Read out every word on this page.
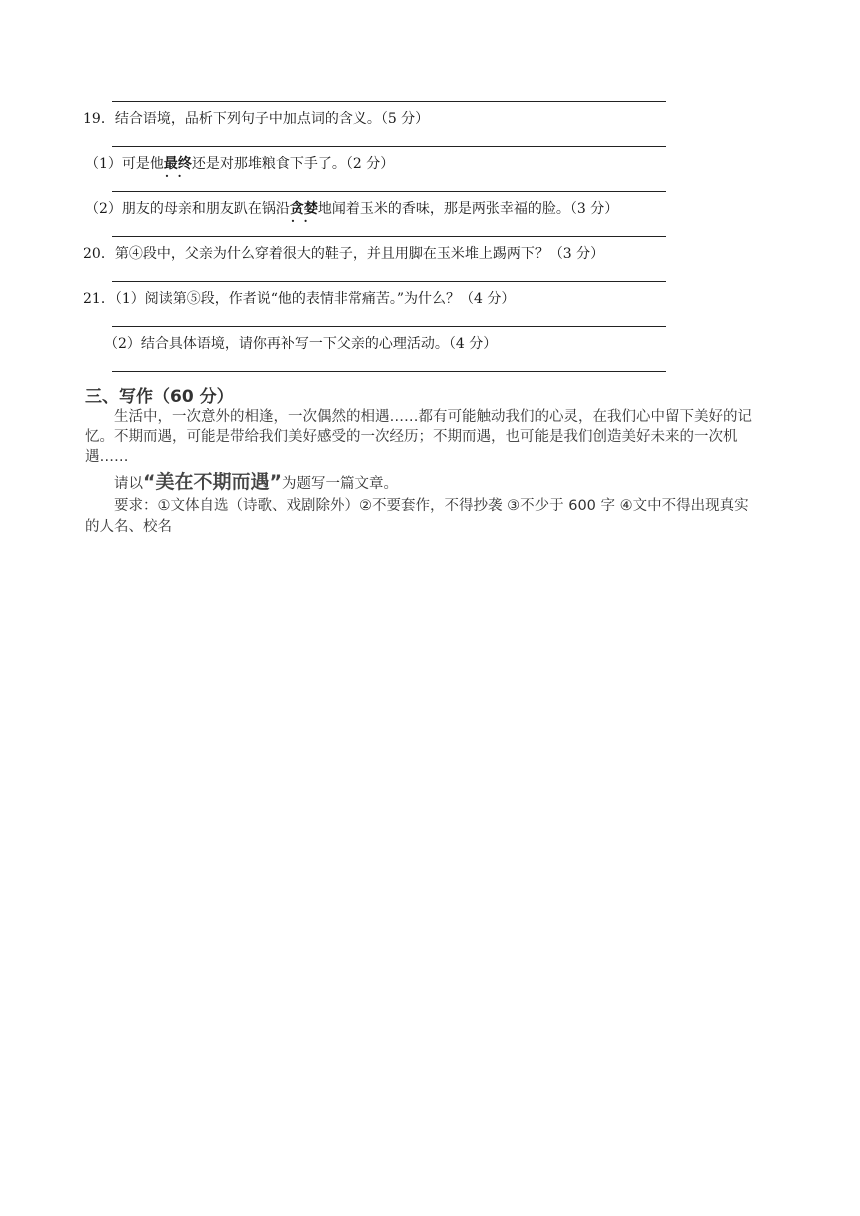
19．结合语境，品析下列句子中加点词的含义。（5 分）
（1）可是他最终 · ·还是对那堆粮食下手了。（2 分）
（2）朋友的母亲和朋友趴在锅沿贪婪 · ·地闻着玉米的香味，那是两张幸福的脸。（3 分）
20．第④段中，父亲为什么穿着很大的鞋子，并且用脚在玉米堆上踢两下？（3 分）
21．（1）阅读第⑤段，作者说“他的表情非常痛苦。”为什么？（4 分）
（2）结合具体语境，请你再补写一下父亲的心理活动。（4 分）
三、写作（60 分）
生活中，一次意外的相逢，一次偶然的相遇……都有可能触动我们的心灵，在我们心中留下美好的记忆。不期而遇，可能是带给我们美好感受的一次经历；不期而遇，也可能是我们创造美好未来的一次机遇……
请以“美在不期而遇”为题写一篇文章。
要求：①文体自选（诗歌、戏剧除外）②不要套作，不得抄袭 ③不少于 600 字 ④文中不得出现真实
的人名、校名
